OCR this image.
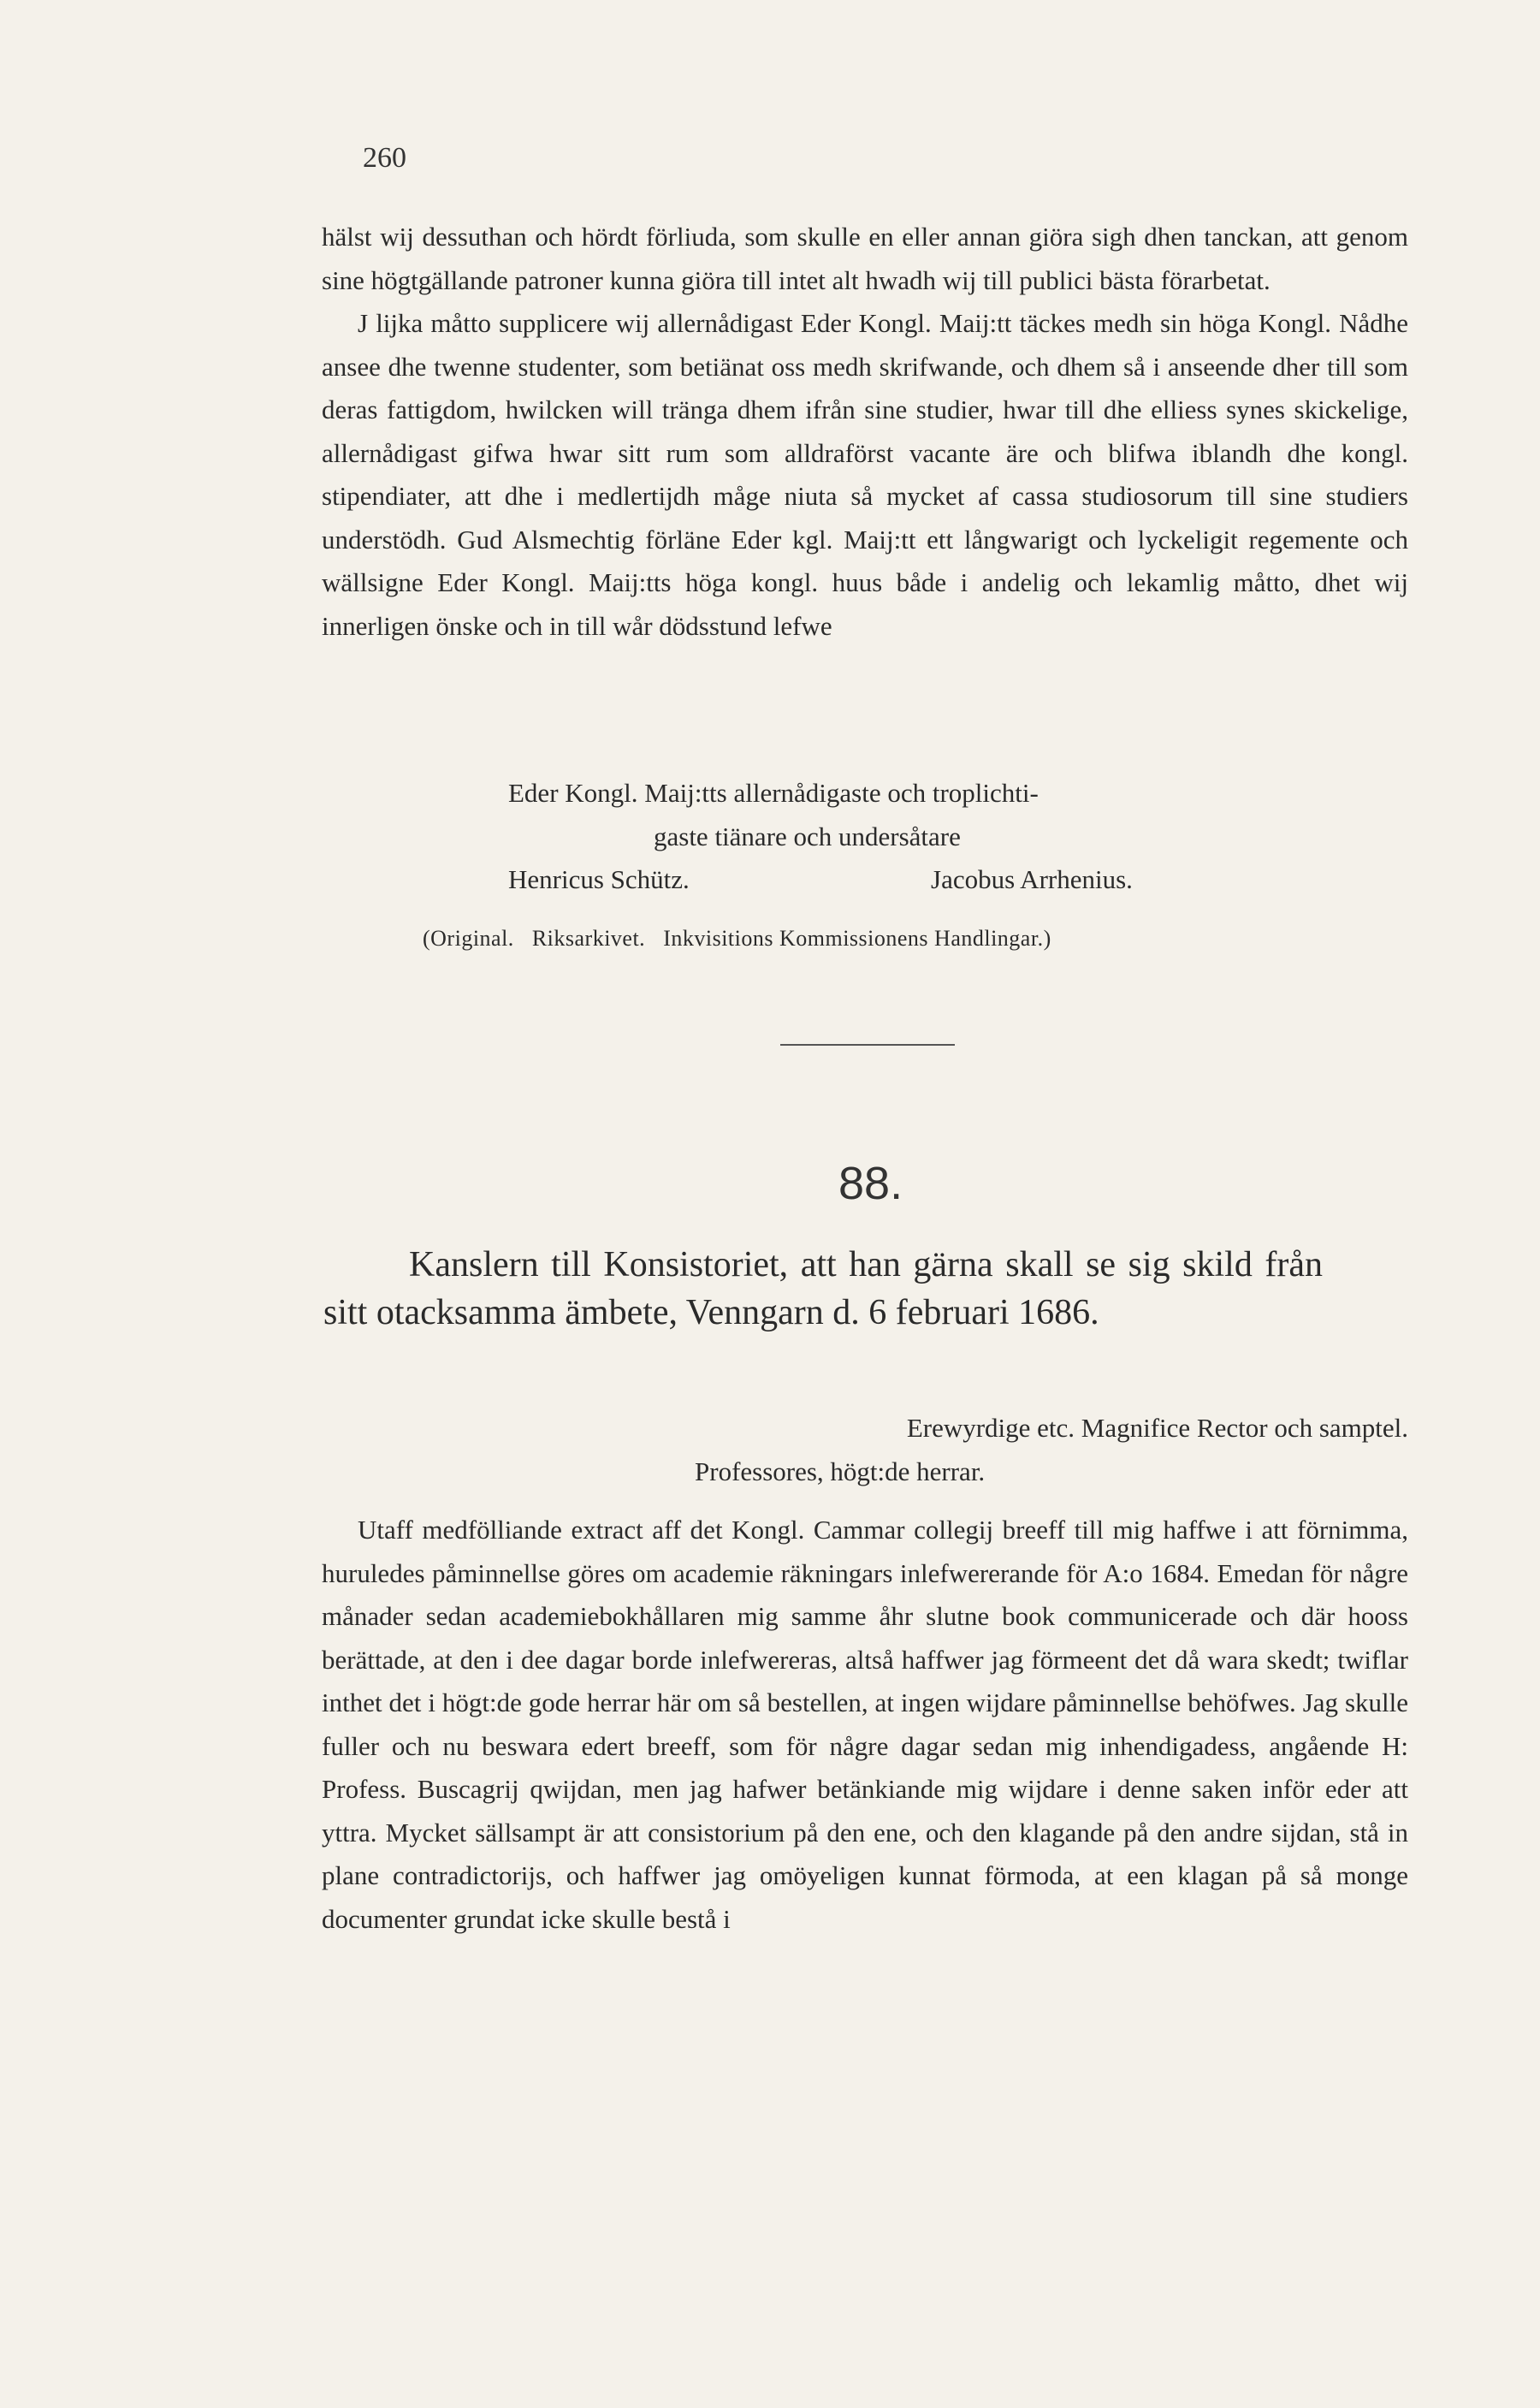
260

hälst wij dessuthan och hördt förliuda, som skulle en eller annan giöra sigh dhen tanckan, att genom sine högtgällande patroner kunna giöra till intet alt hwadh wij till publici bästa förarbetat.

J lijka måtto supplicere wij allernådigast Eder Kongl. Maij:tt täckes medh sin höga Kongl. Nådhe ansee dhe twenne studenter, som betiänat oss medh skrifwande, och dhem så i anseende dher till som deras fattigdom, hwilcken will tränga dhem ifrån sine studier, hwar till dhe elliess synes skickelige, allernådigast gifwa hwar sitt rum som alldraförst vacante äre och blifwa iblandh dhe kongl. stipendiater, att dhe i medlertijdh måge niuta så mycket af cassa studiosorum till sine studiers understödh. Gud Alsmechtig förläne Eder kgl. Maij:tt ett långwarigt och lyckeligit regemente och wällsigne Eder Kongl. Maij:tts höga kongl. huus både i andelig och lekamlig måtto, dhet wij innerligen önske och in till wår dödsstund lefwe

Eder Kongl. Maij:tts allernådigaste och troplichti-
gaste tiänare och undersåtare
Henricus Schütz.	Jacobus Arrhenius.
(Original. Riksarkivet. Inkvisitions Kommissionens Handlingar.)
88.
Kanslern till Konsistoriet, att han gärna skall se sig skild från sitt otacksamma ämbete, Venngarn d. 6 februari 1686.
Erewyrdige etc. Magnifice Rector och samptel.
Professores, högt:de herrar.

Utaff medfölliande extract aff det Kongl. Cammar collegij breeff till mig haffwe i att förnimma, huruledes påminnellse göres om academie räkningars inlefwererande för A:o 1684. Emedan för någre månader sedan academiebokhållaren mig samme åhr slutne book communicerade och där hooss berättade, at den i dee dagar borde inlefwereras, altså haffwer jag förmeent det då wara skedt; twiflar inthet det i högt:de gode herrar här om så bestellen, at ingen wijdare påminnellse behöfwes. Jag skulle fuller och nu beswara edert breeff, som för någre dagar sedan mig inhendigadess, angående H: Profess. Buscagrij qwijdan, men jag hafwer betänkiande mig wijdare i denne saken inför eder att yttra. Mycket sällsampt är att consistorium på den ene, och den klagande på den andre sijdan, stå in plane contradictorijs, och haffwer jag omöyeligen kunnat förmoda, at een klagan på så monge documenter grundat icke skulle bestå i
